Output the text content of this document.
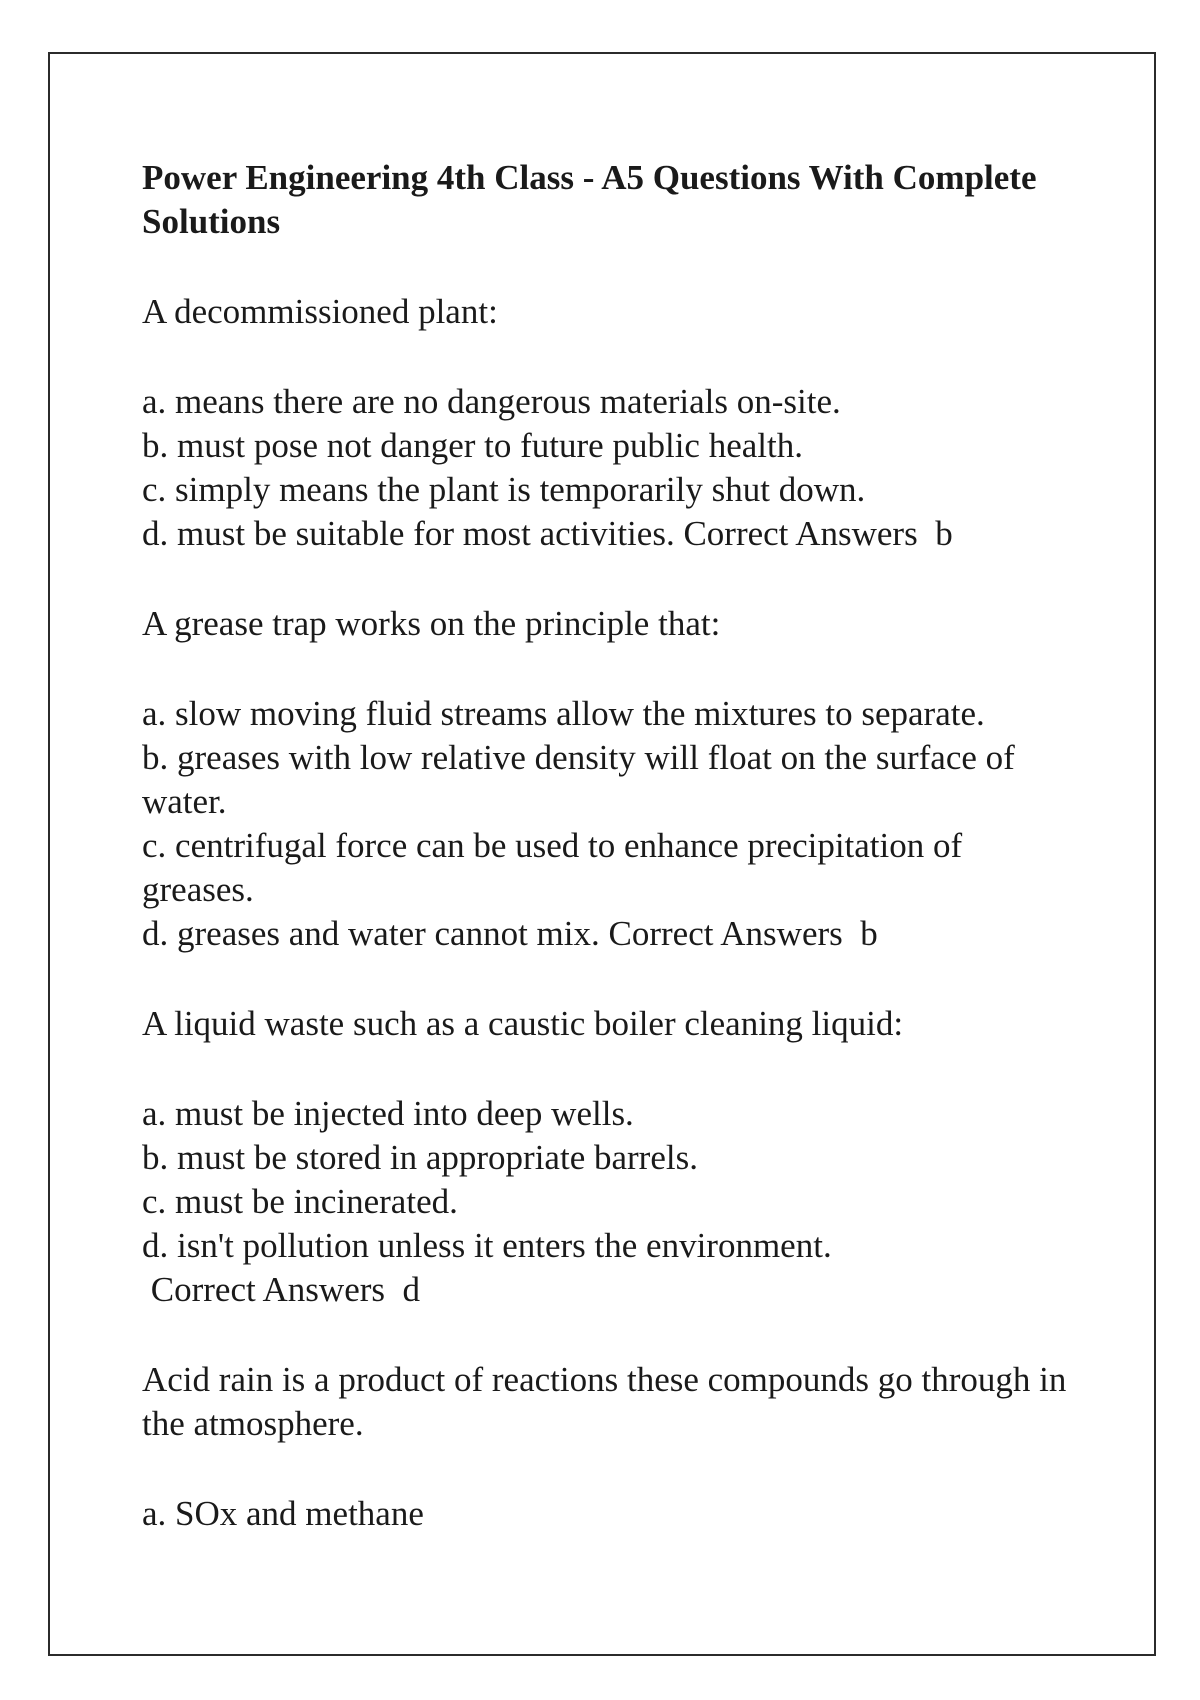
Power Engineering 4th Class - A5 Questions With Complete Solutions

A decommissioned plant:

a. means there are no dangerous materials on-site.
b. must pose not danger to future public health.
c. simply means the plant is temporarily shut down.
d. must be suitable for most activities. Correct Answers  b

A grease trap works on the principle that:

a. slow moving fluid streams allow the mixtures to separate.
b. greases with low relative density will float on the surface of water.
c. centrifugal force can be used to enhance precipitation of greases.
d. greases and water cannot mix. Correct Answers  b

A liquid waste such as a caustic boiler cleaning liquid:

a. must be injected into deep wells.
b. must be stored in appropriate barrels.
c. must be incinerated.
d. isn't pollution unless it enters the environment. Correct Answers  d

Acid rain is a product of reactions these compounds go through in the atmosphere.

a. SOx and methane
